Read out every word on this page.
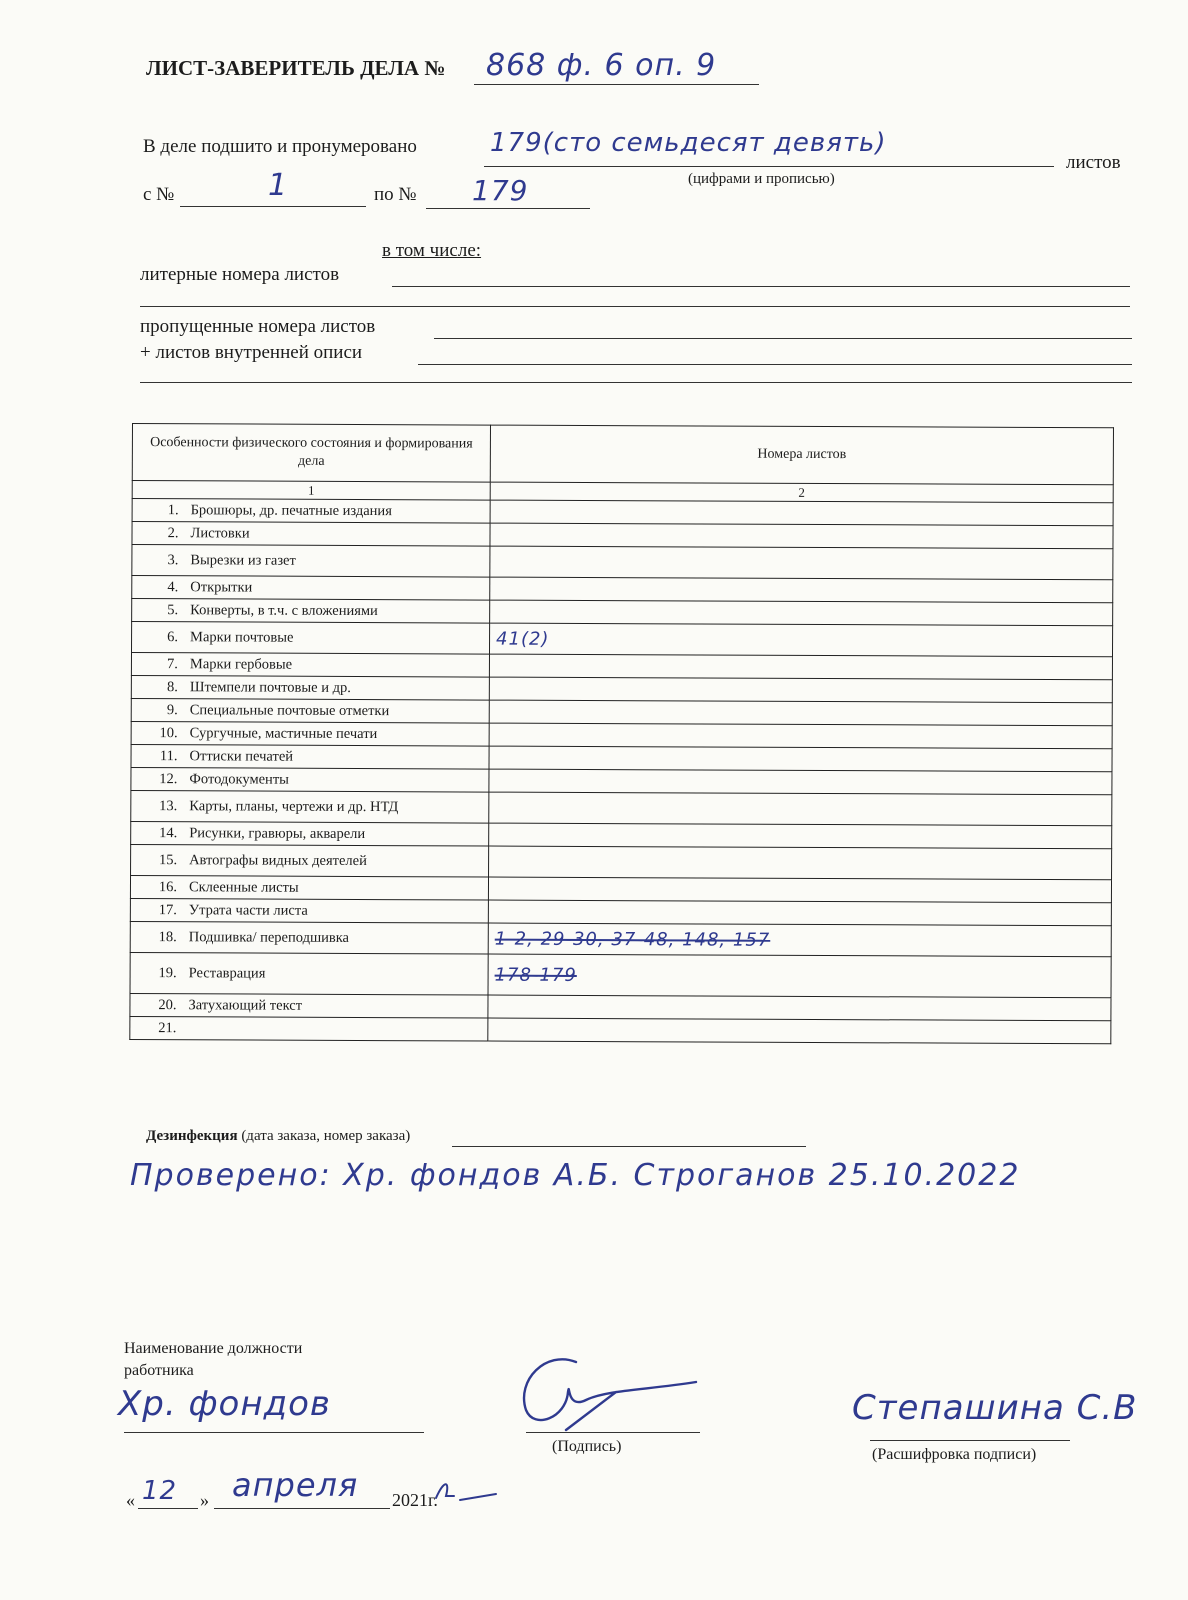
ЛИСТ-ЗАВЕРИТЕЛЬ ДЕЛА № 868 ф. 6 оп. 9
В деле подшито и пронумеровано	179(сто семьдесят девять)
листов
(цифрами и прописью)
с №	1	по № 179
в том числе:
литерные номера листов
пропущенные номера листов
+ листов внутренней описи
Особенности физического состояния и формирования дела	Номера листов
1	2
1. Брошюры, др. печатные издания	
2. Листовки	
3. Вырезки из газет	
4. Открытки	
5. Конверты, в т.ч. с вложениями	
6. Марки почтовые	41(2)
7. Марки гербовые	
8. Штемпели почтовые и др.	
9. Специальные почтовые отметки	
10. Сургучные, мастичные печати	
11. Оттиски печатей	
12. Фотодокументы	
13. Карты, планы, чертежи и др. НТД	
14. Рисунки, гравюры, акварели	
15. Автографы видных деятелей	
16. Склеенные листы	
17. Утрата части листа	
18. Подшивка/ переподшивка	1-2, 29-30, 37-48, 148, 157
19. Реставрация	178-179
20. Затухающий текст	
21.	
Дезинфекция (дата заказа, номер заказа)
Проверено: Хр. фондов А.Б. Строганов 25.10.2022
Наименование должности работника
Хр. фондов
(Подпись)
Степашина С.В
(Расшифровка подписи)
« 12 » апреля 2021г.
